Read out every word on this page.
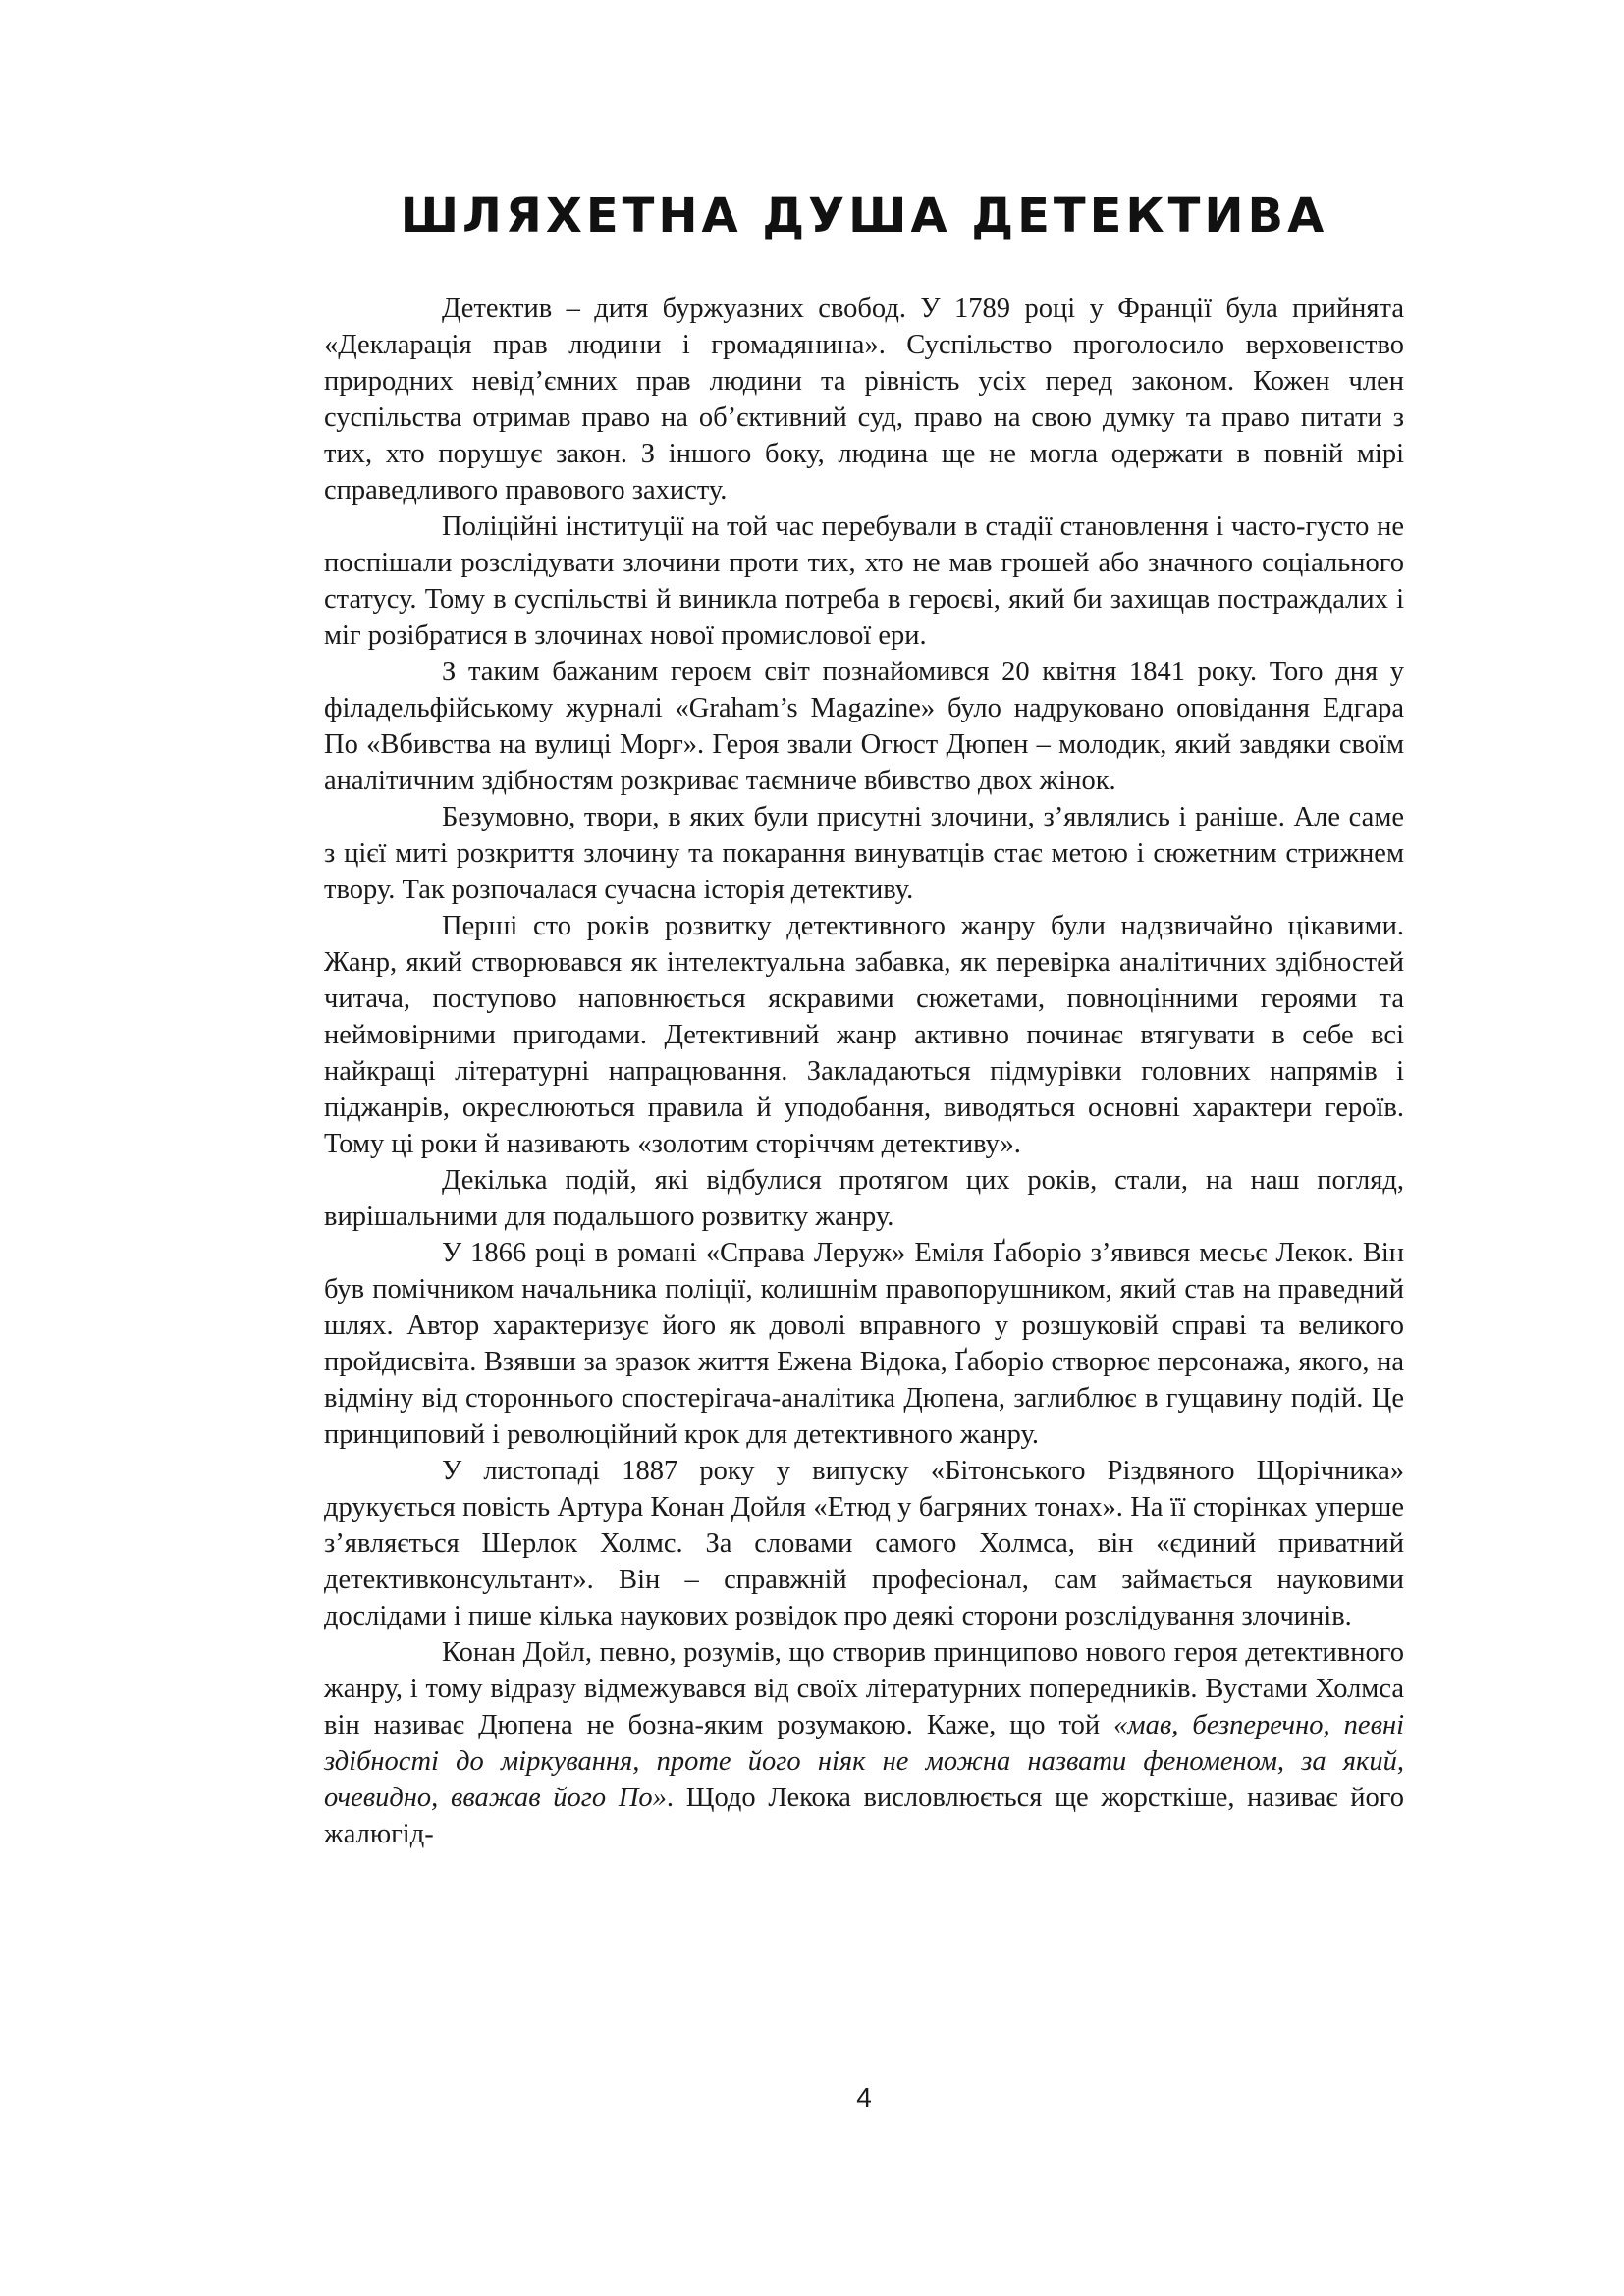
ШЛЯХЕТНА ДУША ДЕТЕКТИВА

Детектив – дитя буржуазних свобод. У 1789 році у Франції була прийнята «Декларація прав людини і громадянина». Суспільство проголосило верховенство природних невід’ємних прав людини та рівність усіх перед законом. Кожен член суспільства отримав право на об’єктивний суд, право на свою думку та право питати з тих, хто порушує закон. З іншого боку, людина ще не могла одержати в повній мірі справедливого правового захисту.

Поліційні інституції на той час перебували в стадії становлення і часто-густо не поспішали розслідувати злочини проти тих, хто не мав грошей або значного соціального статусу. Тому в суспільстві й виникла потреба в героєві, який би захищав постраждалих і міг розібратися в злочинах нової промислової ери.

З таким бажаним героєм світ познайомився 20 квітня 1841 року. Того дня у філадельфійському журналі «Graham’s Magazine» було надруковано оповідання Едгара По «Вбивства на вулиці Морг». Героя звали Огюст Дюпен – молодик, який завдяки своїм аналітичним здібностям розкриває таємниче вбивство двох жінок.

Безумовно, твори, в яких були присутні злочини, з’являлись і раніше. Але саме з цієї миті розкриття злочину та покарання винуватців стає метою і сюжетним стрижнем твору. Так розпочалася сучасна історія детективу.

Перші сто років розвитку детективного жанру були надзвичайно цікавими. Жанр, який створювався як інтелектуальна забавка, як перевірка аналітичних здібностей читача, поступово наповнюється яскравими сюжетами, повноцінними героями та неймовірними пригодами. Детективний жанр активно починає втягувати в себе всі найкращі літературні напрацювання. Закладаються підмурівки головних напрямів і піджанрів, окреслюються правила й уподобання, виводяться основні характери героїв. Тому ці роки й називають «золотим сторіччям детективу».

Декілька подій, які відбулися протягом цих років, стали, на наш погляд, вирішальними для подальшого розвитку жанру.

У 1866 році в романі «Справа Леруж» Еміля Ґаборіо з’явився месьє Лекок. Він був помічником начальника поліції, колишнім правопорушником, який став на праведний шлях. Автор характеризує його як доволі вправного у розшуковій справі та великого пройдисвіта. Взявши за зразок життя Ежена Відока, Ґаборіо створює персонажа, якого, на відміну від стороннього спостерігача-аналітика Дюпена, заглиблює в гущавину подій. Це принциповий і революційний крок для детективного жанру.

У листопаді 1887 року у випуску «Бітонського Різдвяного Щорічника» друкується повість Артура Конан Дойля «Етюд у багряних тонах». На її сторінках уперше з’являється Шерлок Холмс. За словами самого Холмса, він «єдиний приватний детективконсультант». Він – справжній професіонал, сам займається науковими дослідами і пише кілька наукових розвідок про деякі сторони розслідування злочинів.

Конан Дойл, певно, розумів, що створив принципово нового героя детективного жанру, і тому відразу відмежувався від своїх літературних попередників. Вустами Холмса він називає Дюпена не бозна-яким розумакою. Каже, що той «мав, безперечно, певні здібності до міркування, проте його ніяк не можна назвати феноменом, за який, очевидно, вважав його По». Щодо Лекока висловлюється ще жорсткіше, називає його жалюгід-

4
